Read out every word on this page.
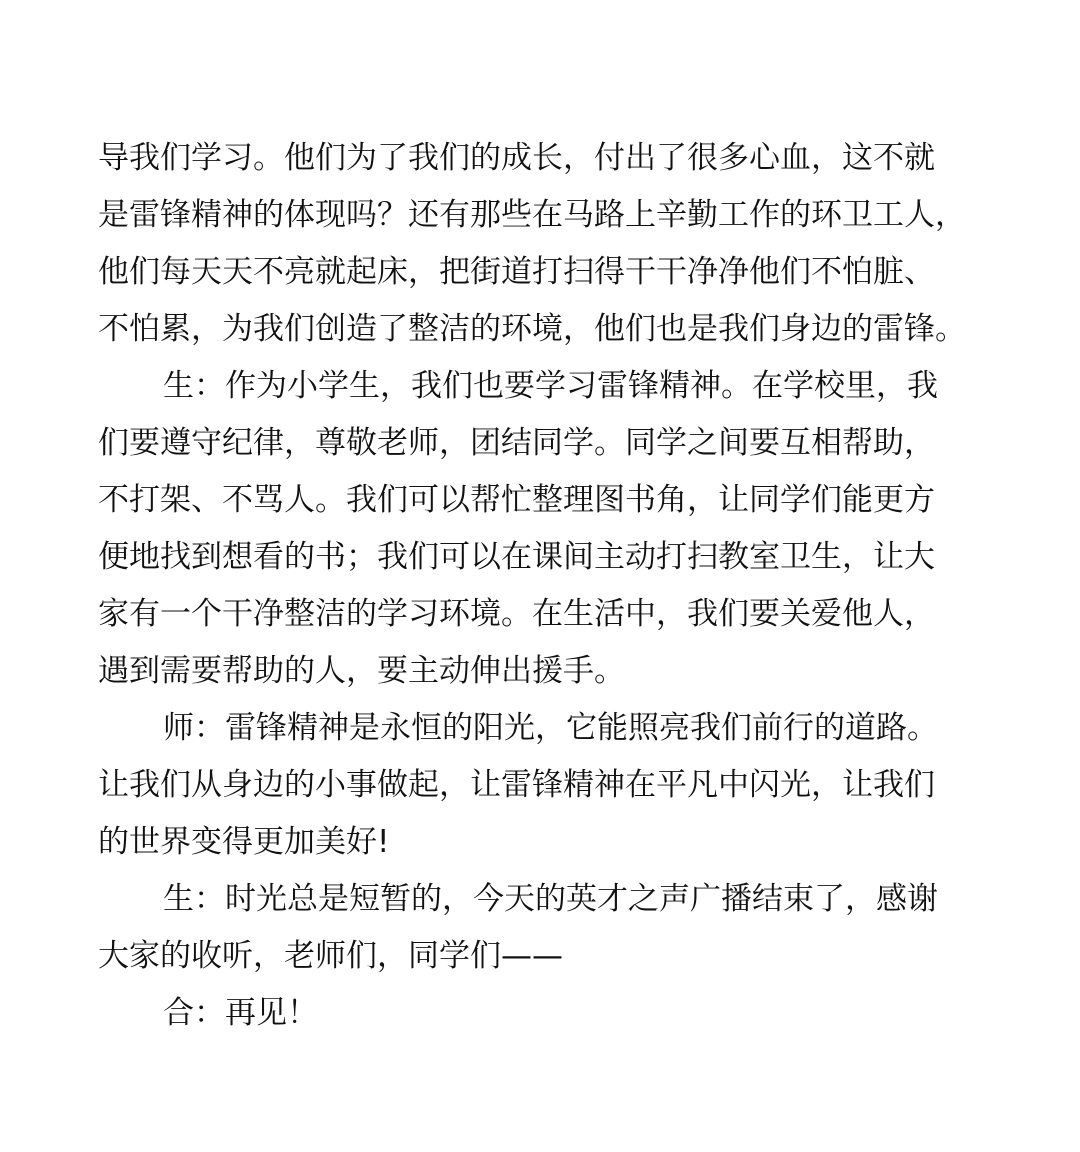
导我们学习。他们为了我们的成长，付出了很多心血，这不就
是雷锋精神的体现吗？还有那些在马路上辛勤工作的环卫工人，
他们每天天不亮就起床，把街道打扫得干干净净他们不怕脏、
不怕累，为我们创造了整洁的环境，他们也是我们身边的雷锋。

生：作为小学生，我们也要学习雷锋精神。在学校里，我
们要遵守纪律，尊敬老师，团结同学。同学之间要互相帮助，
不打架、不骂人。我们可以帮忙整理图书角，让同学们能更方
便地找到想看的书；我们可以在课间主动打扫教室卫生，让大
家有一个干净整洁的学习环境。在生活中，我们要关爱他人，
遇到需要帮助的人，要主动伸出援手。

师：雷锋精神是永恒的阳光，它能照亮我们前行的道路。
让我们从身边的小事做起，让雷锋精神在平凡中闪光，让我们
的世界变得更加美好!

生：时光总是短暂的，今天的英才之声广播结束了，感谢
大家的收听，老师们，同学们——

合：再见！
